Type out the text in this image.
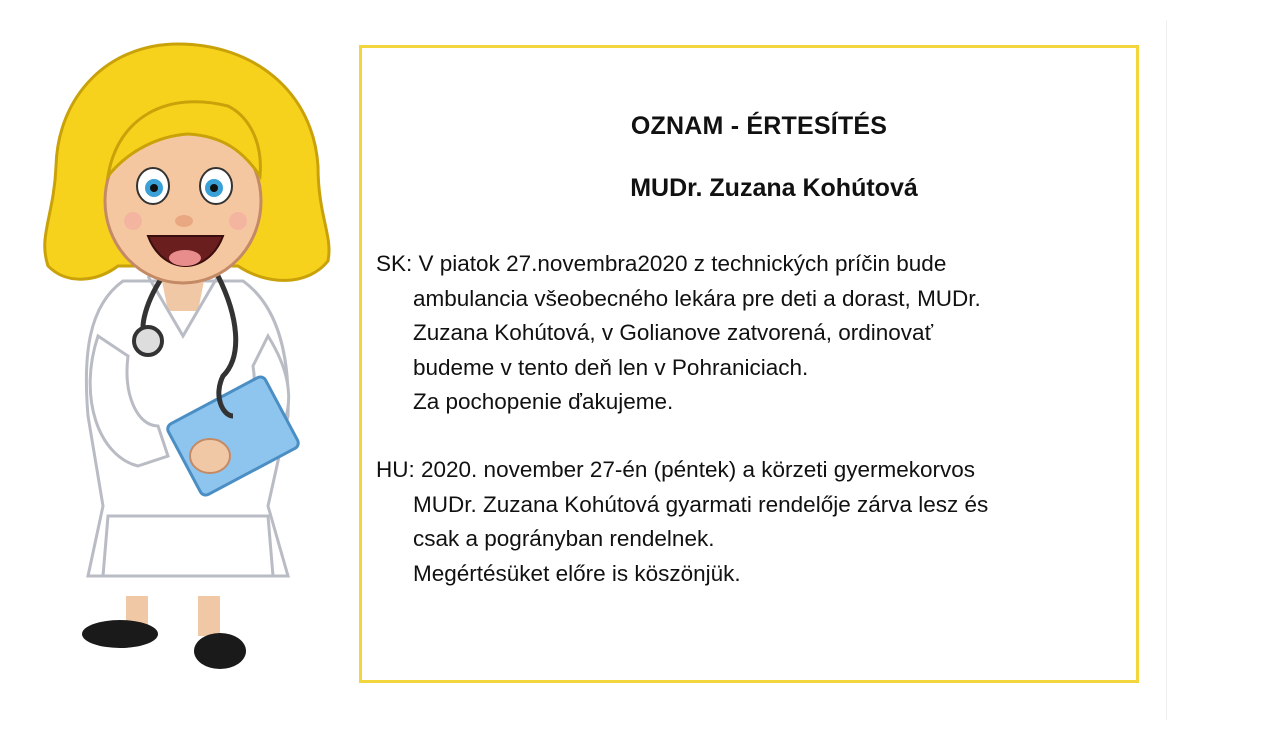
OZNAM - ÉRTESÍTÉS
MUDr. Zuzana Kohútová
SK: V piatok 27.novembra2020 z technických príčin bude
ambulancia všeobecného lekára pre deti a dorast, MUDr.
Zuzana Kohútová, v Golianove zatvorená, ordinovať
budeme v tento deň len v Pohraniciach.
Za pochopenie ďakujeme.
HU: 2020. november 27-én (péntek) a körzeti gyermekorvos
MUDr. Zuzana Kohútová gyarmati rendelője zárva lesz és
csak a pogrányban rendelnek.
Megértésüket előre is köszönjük.
